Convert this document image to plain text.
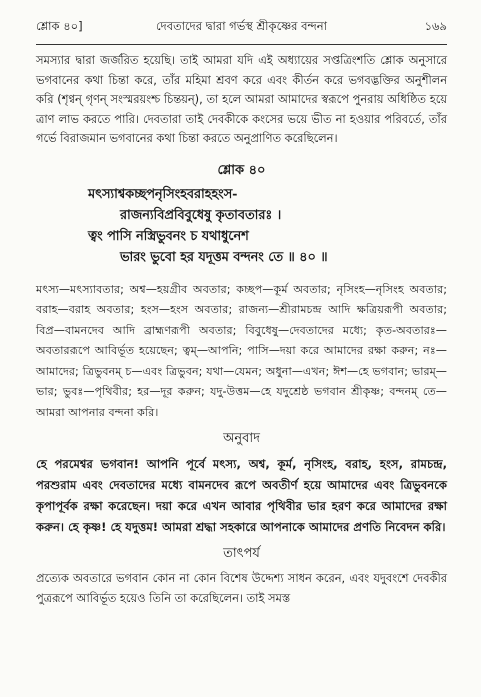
শ্লোক ৪০]	দেবতাদের দ্বারা গর্ভস্থ শ্রীকৃষ্ণের বন্দনা	১৬৯

সমস্যার দ্বারা জর্জরিত হয়েছি। তাই আমরা যদি এই অধ্যায়ের সপ্তত্রিংশতি শ্লোক অনুসারে ভগবানের কথা চিন্তা করে, তাঁর মহিমা শ্রবণ করে এবং কীর্তন করে ভগবদ্ভক্তির অনুশীলন করি (শৃণ্বন্ গৃণন্ সংস্মরয়ংশ্চ চিন্তয়ন্), তা হলে আমরা আমাদের স্বরূপে পুনরায় অধিষ্ঠিত হয়ে ত্রাণ লাভ করতে পারি। দেবতারা তাই দেবকীকে কংসের ভয়ে ভীত না হওয়ার পরিবর্তে, তাঁর গর্ভে বিরাজমান ভগবানের কথা চিন্তা করতে অনুপ্রাণিত করেছিলেন।

শ্লোক ৪০
মৎস্যাশ্বকচ্ছপনৃসিংহবরাহহংস-
রাজন্যবিপ্রবিবুধেষু কৃতাবতারঃ ।
ত্বং পাসি নস্ত্রিভুবনং চ যথাধুনেশ
ভারং ভুবো হর যদূত্তম বন্দনং তে ॥ ৪০ ॥
মৎস্য—মৎস্যাবতার; অশ্ব—হয়গ্রীব অবতার; কচ্ছপ—কূর্ম অবতার; নৃসিংহ—নৃসিংহ অবতার; বরাহ—বরাহ অবতার; হংস—হংস অবতার; রাজন্য—শ্রীরামচন্দ্র আদি ক্ষত্রিয়রূপী অবতার; বিপ্র—বামনদেব আদি ব্রাহ্মণরূপী অবতার; বিবুধেষু—দেবতাদের মধ্যে; কৃত-অবতারঃ—অবতাররূপে আবির্ভূত হয়েছেন; ত্বম্—আপনি; পাসি—দয়া করে আমাদের রক্ষা করুন; নঃ—আমাদের; ত্রিভুবনম্ চ—এবং ত্রিভুবন; যথা—যেমন; অধুনা—এখন; ঈশ—হে ভগবান; ভারম্—ভার; ভুবঃ—পৃথিবীর; হর—দূর করুন; যদু-উত্তম—হে যদুশ্রেষ্ঠ ভগবান শ্রীকৃষ্ণ; বন্দনম্ তে—আমরা আপনার বন্দনা করি।
অনুবাদ
হে পরমেশ্বর ভগবান! আপনি পূর্বে মৎস্য, অশ্ব, কূর্ম, নৃসিংহ, বরাহ, হংস, রামচন্দ্র, পরশুরাম এবং দেবতাদের মধ্যে বামনদেব রূপে অবতীর্ণ হয়ে আমাদের এবং ত্রিভুবনকে কৃপাপূর্বক রক্ষা করেছেন। দয়া করে এখন আবার পৃথিবীর ভার হরণ করে আমাদের রক্ষা করুন। হে কৃষ্ণ! হে যদুত্তম! আমরা শ্রদ্ধা সহকারে আপনাকে আমাদের প্রণতি নিবেদন করি।
তাৎপর্য
প্রত্যেক অবতারে ভগবান কোন না কোন বিশেষ উদ্দেশ্য সাধন করেন, এবং যদুবংশে দেবকীর পুত্ররূপে আবির্ভূত হয়েও তিনি তা করেছিলেন। তাই সমস্ত
